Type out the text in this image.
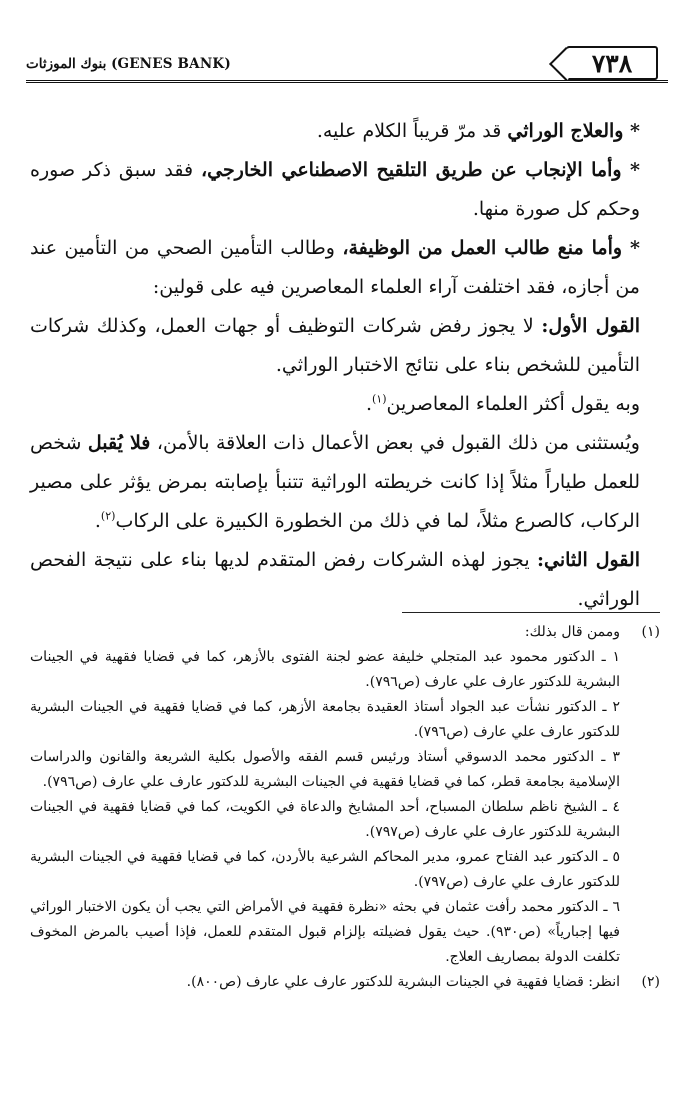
بنوك الموزثات (GENES BANK)	٧٣٨

* والعلاج الوراثي قد مرّ قريباً الكلام عليه.

* وأما الإنجاب عن طريق التلقيح الاصطناعي الخارجي، فقد سبق ذكر صوره وحكم كل صورة منها.

* وأما منع طالب العمل من الوظيفة، وطالب التأمين الصحي من التأمين عند من أجازه، فقد اختلفت آراء العلماء المعاصرين فيه على قولين:

القول الأول: لا يجوز رفض شركات التوظيف أو جهات العمل، وكذلك شركات التأمين للشخص بناء على نتائج الاختبار الوراثي.

وبه يقول أكثر العلماء المعاصرين$^{(١)}$.

ويُستثنى من ذلك القبول في بعض الأعمال ذات العلاقة بالأمن، فلا يُقبل شخص للعمل طياراً مثلاً إذا كانت خريطته الوراثية تتنبأ بإصابته بمرض يؤثر على مصير الركاب، كالصرع مثلاً، لما في ذلك من الخطورة الكبيرة على الركاب$^{(٢)}$.

القول الثاني: يجوز لهذه الشركات رفض المتقدم لديها بناء على نتيجة الفحص الوراثي.

(١)

وممن قال بذلك:

١ ـ الدكتور محمود عبد المتجلي خليفة عضو لجنة الفتوى بالأزهر، كما في قضايا فقهية في الجينات البشرية للدكتور عارف علي عارف (ص٧٩٦).

٢ ـ الدكتور نشأت عبد الجواد أستاذ العقيدة بجامعة الأزهر، كما في قضايا فقهية في الجينات البشرية للدكتور عارف علي عارف (ص٧٩٦).

٣ ـ الدكتور محمد الدسوقي أستاذ ورئيس قسم الفقه والأصول بكلية الشريعة والقانون والدراسات الإسلامية بجامعة قطر، كما في قضايا فقهية في الجينات البشرية للدكتور عارف علي عارف (ص٧٩٦).

٤ ـ الشيخ ناظم سلطان المسباح، أحد المشايخ والدعاة في الكويت، كما في قضايا فقهية في الجينات البشرية للدكتور عارف علي عارف (ص٧٩٧).

٥ ـ الدكتور عبد الفتاح عمرو، مدير المحاكم الشرعية بالأردن، كما في قضايا فقهية في الجينات البشرية للدكتور عارف علي عارف (ص٧٩٧).

٦ ـ الدكتور محمد رأفت عثمان في بحثه «نظرة فقهية في الأمراض التي يجب أن يكون الاختبار الوراثي فيها إجبارياً» (ص٩٣٠). حيث يقول فضيلته بإلزام قبول المتقدم للعمل، فإذا أصيب بالمرض المخوف تكلفت الدولة بمصاريف العلاج.

(٢)

انظر: قضايا فقهية في الجينات البشرية للدكتور عارف علي عارف (ص٨٠٠).
